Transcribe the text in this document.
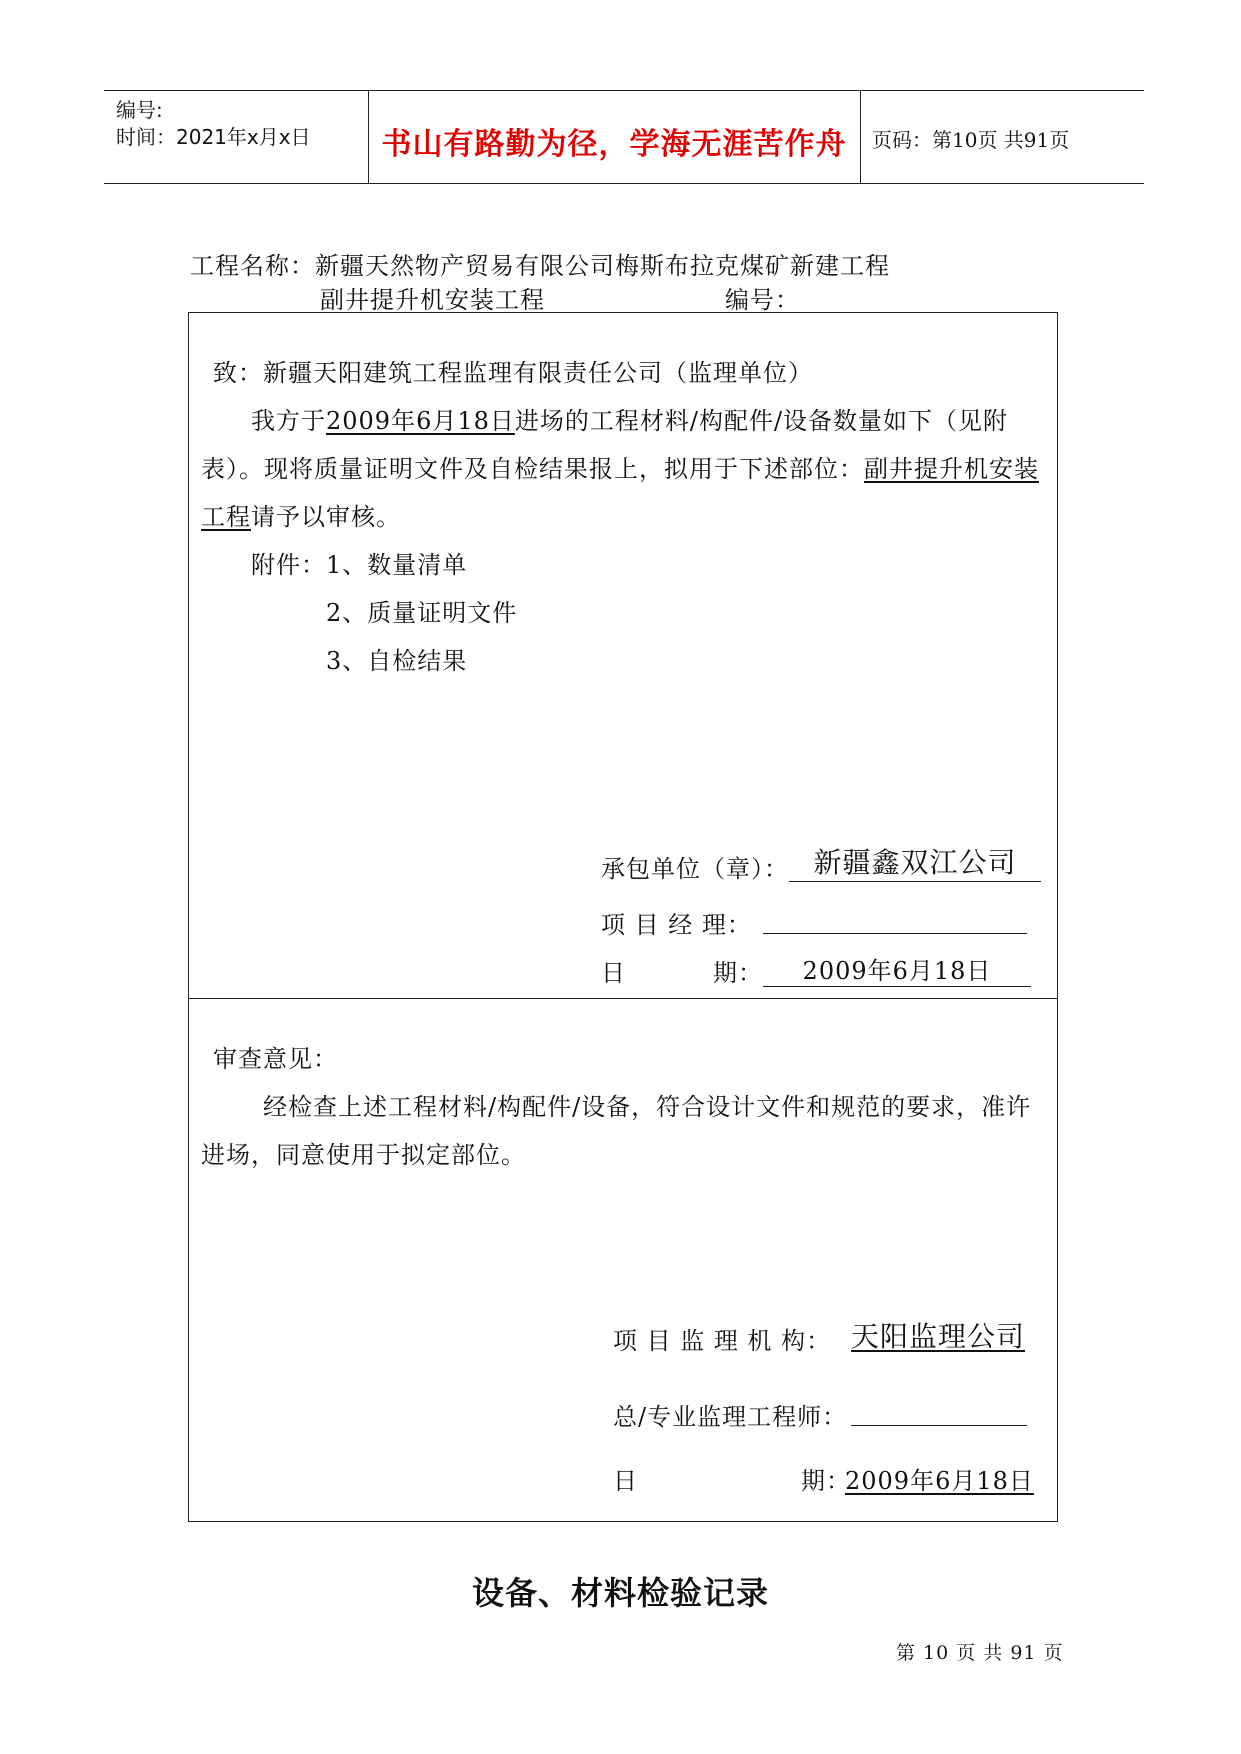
编号:
时间：2021年x月x日	书山有路勤为径，学海无涯苦作舟	页码：第10页 共91页
工程名称：新疆天然物产贸易有限公司梅斯布拉克煤矿新建工程
副井提升机安装工程	编号：
致：新疆天阳建筑工程监理有限责任公司（监理单位）
我方于2009年6月18日进场的工程材料/构配件/设备数量如下（见附
表）。现将质量证明文件及自检结果报上，拟用于下述部位：副井提升机安装
工程请予以审核。
附件： 1、数量清单
2、质量证明文件
3、自检结果
承包单位（章）： 新疆鑫双江公司
项 目 经 理：
日	期：	2009年6月18日
审查意见：
经检查上述工程材料/构配件/设备，符合设计文件和规范的要求，准许
进场，同意使用于拟定部位。
项 目 监 理 机 构： 天阳监理公司
总/专业监理工程师：
日	期：
2009年6月18日
设备、材料检验记录
第 10 页 共 91 页
